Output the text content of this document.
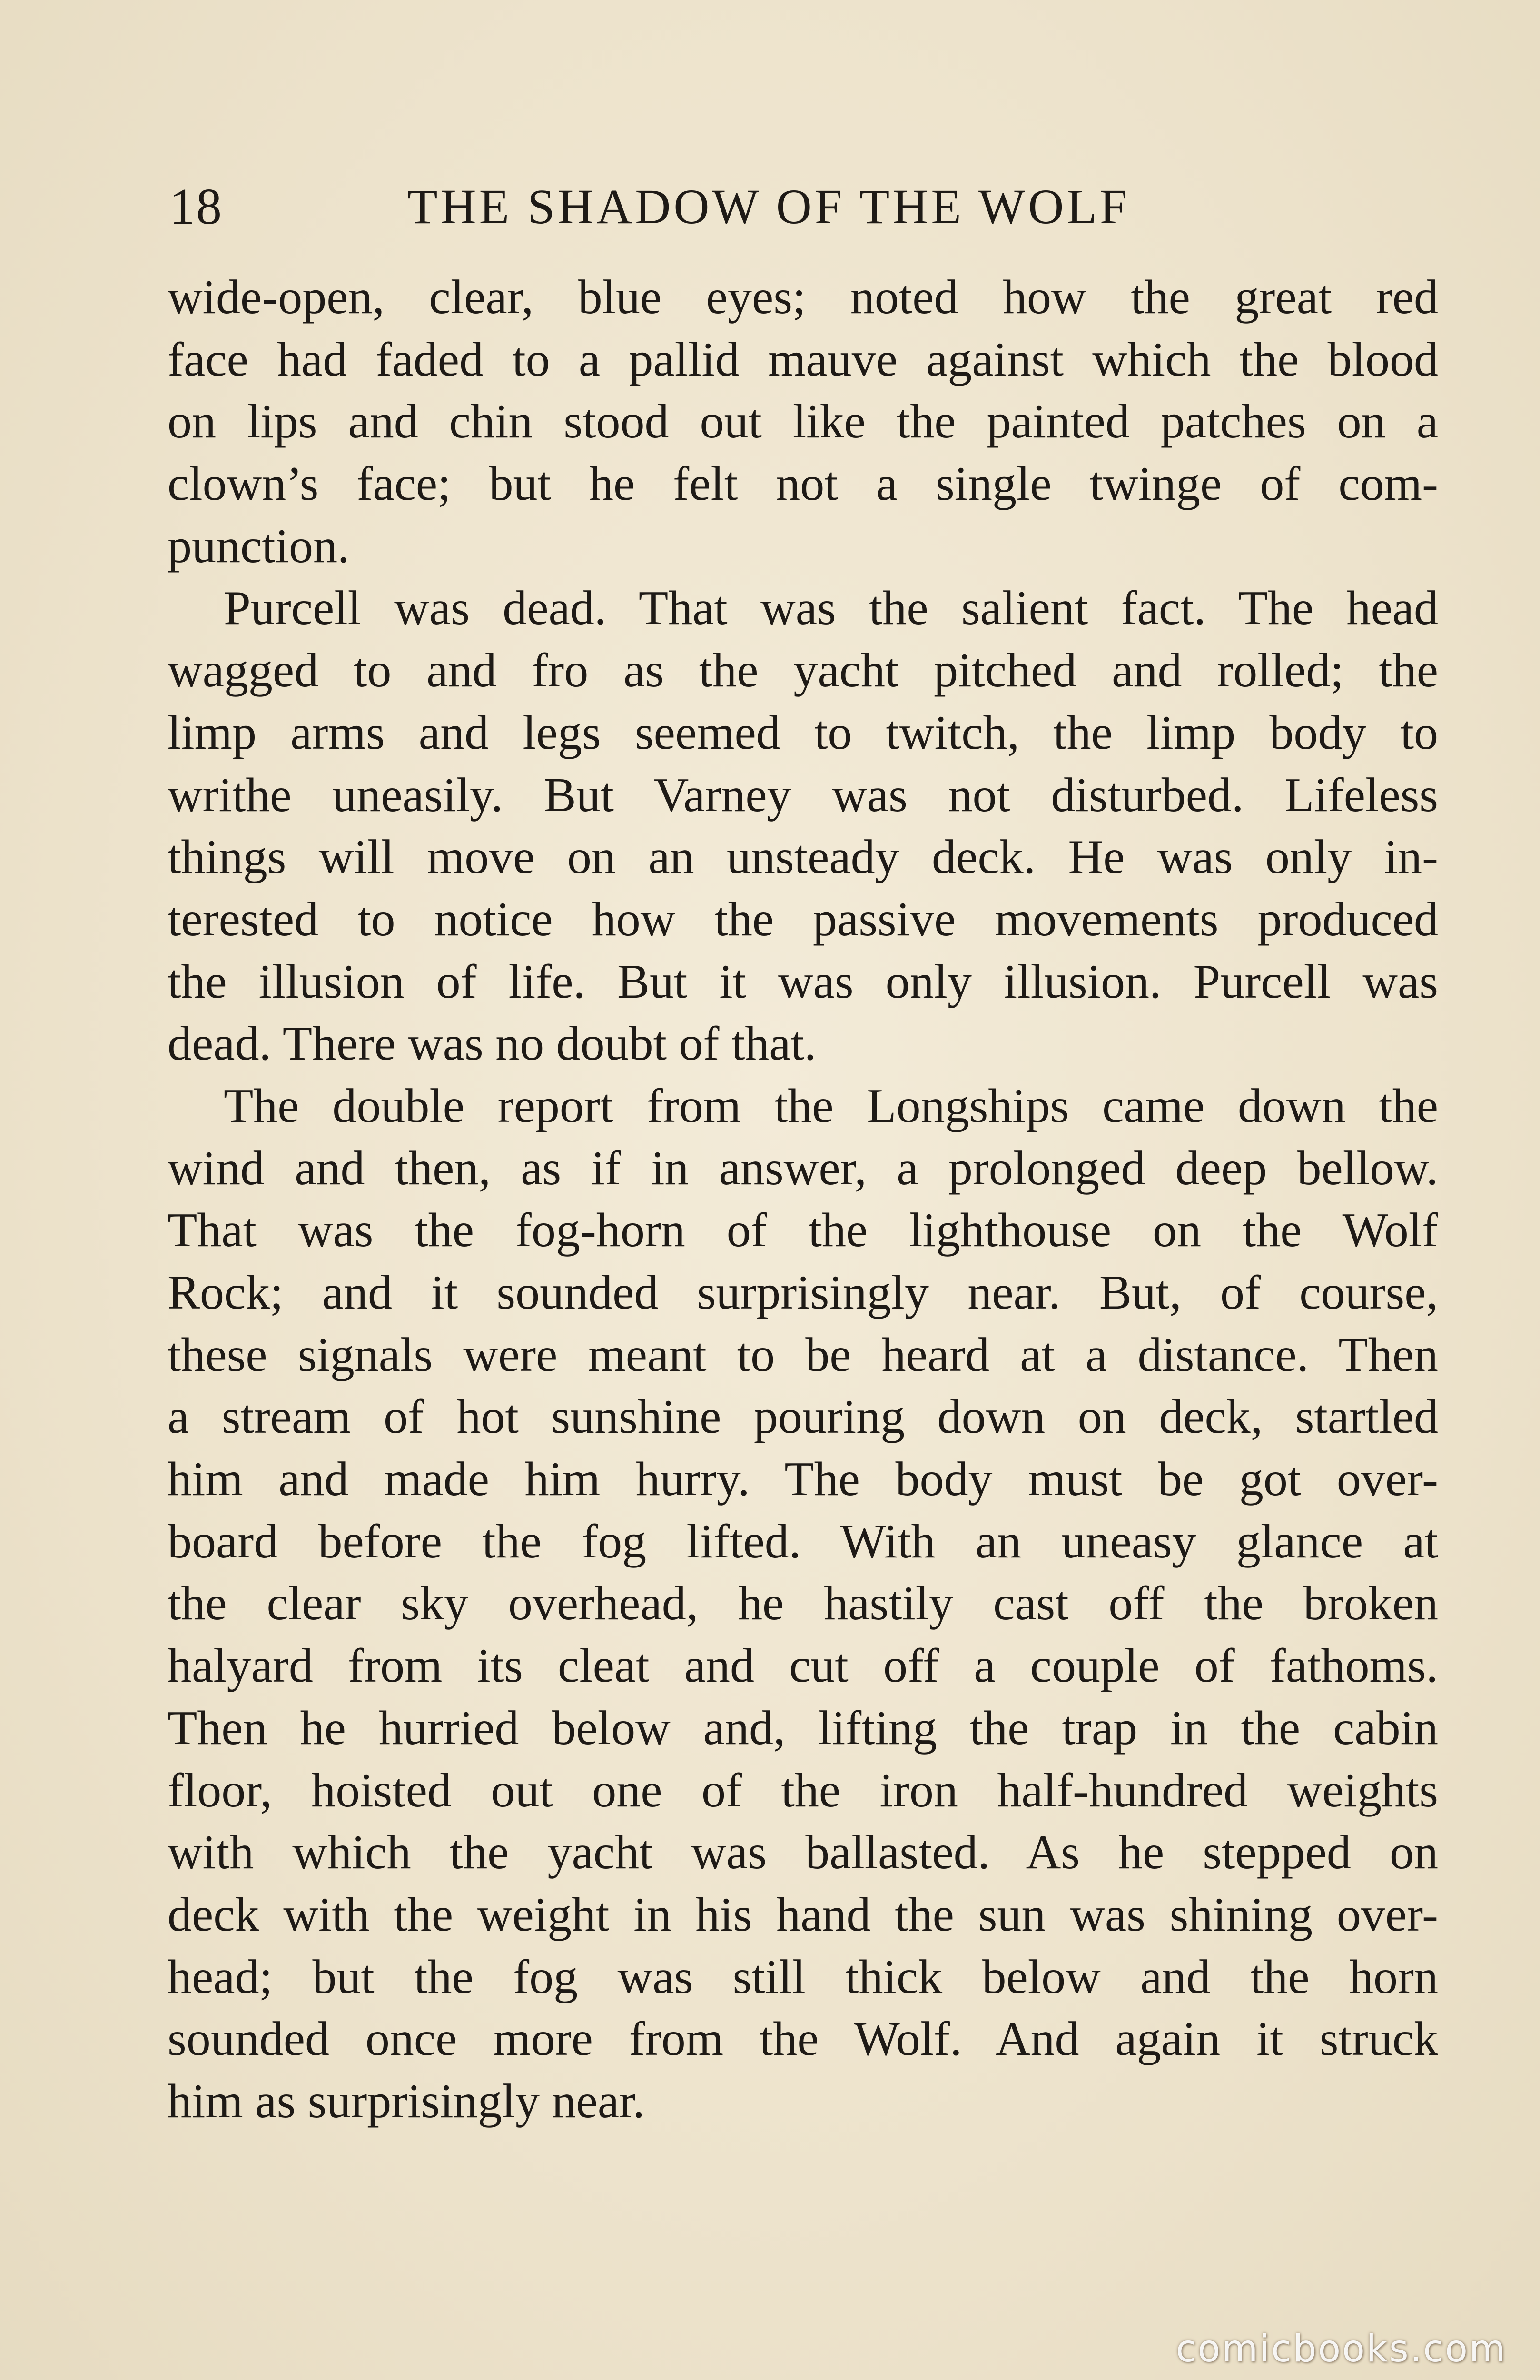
18	THE SHADOW OF THE WOLF
wide-open, clear, blue eyes; noted how the great red
face had faded to a pallid mauve against which the blood
on lips and chin stood out like the painted patches on a
clown’s face; but he felt not a single twinge of com-
punction.
Purcell was dead. That was the salient fact. The head
wagged to and fro as the yacht pitched and rolled; the
limp arms and legs seemed to twitch, the limp body to
writhe uneasily. But Varney was not disturbed. Lifeless
things will move on an unsteady deck. He was only in-
terested to notice how the passive movements produced
the illusion of life. But it was only illusion. Purcell was
dead. There was no doubt of that.
The double report from the Longships came down the
wind and then, as if in answer, a prolonged deep bellow.
That was the fog-horn of the lighthouse on the Wolf
Rock; and it sounded surprisingly near. But, of course,
these signals were meant to be heard at a distance. Then
a stream of hot sunshine pouring down on deck, startled
him and made him hurry. The body must be got over-
board before the fog lifted. With an uneasy glance at
the clear sky overhead, he hastily cast off the broken
halyard from its cleat and cut off a couple of fathoms.
Then he hurried below and, lifting the trap in the cabin
floor, hoisted out one of the iron half-hundred weights
with which the yacht was ballasted. As he stepped on
deck with the weight in his hand the sun was shining over-
head; but the fog was still thick below and the horn
sounded once more from the Wolf. And again it struck
him as surprisingly near.
comicbooks.com
